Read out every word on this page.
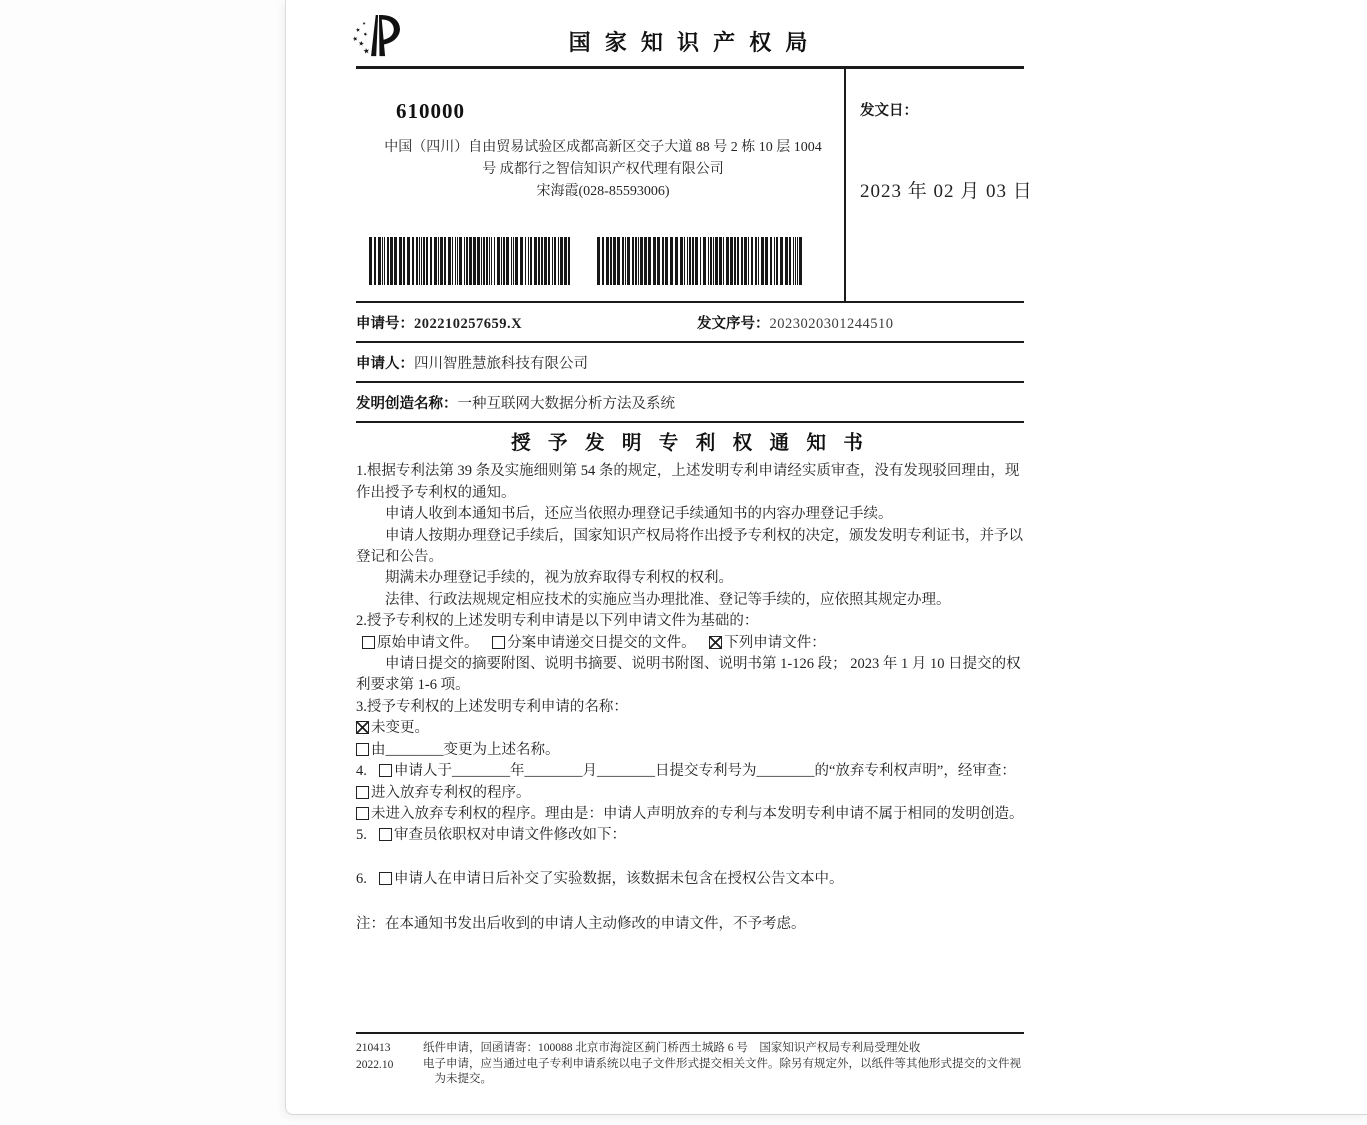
国 家 知 识 产 权 局
610000
中国（四川）自由贸易试验区成都高新区交子大道 88 号 2 栋 10 层 1004
号 成都行之智信知识产权代理有限公司
宋海霞(028-85593006)
发文日：
2023 年 02 月 03 日
申请号：202210257659.X	发文序号：2023020301244510
申请人： 四川智胜慧旅科技有限公司
发明创造名称： 一种互联网大数据分析方法及系统
授 予 发 明 专 利 权 通 知 书

1.根据专利法第 39 条及实施细则第 54 条的规定，上述发明专利申请经实质审查，没有发现驳回理由，现作出授予专利权的通知。

申请人收到本通知书后，还应当依照办理登记手续通知书的内容办理登记手续。

申请人按期办理登记手续后，国家知识产权局将作出授予专利权的决定，颁发发明专利证书，并予以登记和公告。

期满未办理登记手续的，视为放弃取得专利权的权利。

法律、行政法规规定相应技术的实施应当办理批准、登记等手续的，应依照其规定办理。

2.授予专利权的上述发明专利申请是以下列申请文件为基础的：

原始申请文件。 分案申请递交日提交的文件。 下列申请文件：

申请日提交的摘要附图、说明书摘要、说明书附图、说明书第 1-126 段； 2023 年 1 月 10 日提交的权利要求第 1-6 项。

3.授予专利权的上述发明专利申请的名称：

未变更。

由________变更为上述名称。

4. 申请人于________年________月________日提交专利号为________的“放弃专利权声明”，经审查：

进入放弃专利权的程序。

未进入放弃专利权的程序。理由是：申请人声明放弃的专利与本发明专利申请不属于相同的发明创造。

5. 审查员依职权对申请文件修改如下：

6. 申请人在申请日后补交了实验数据，该数据未包含在授权公告文本中。

注：在本通知书发出后收到的申请人主动修改的申请文件，不予考虑。

210413
2022.10

纸件申请，回函请寄：100088 北京市海淀区蓟门桥西土城路 6 号　国家知识产权局专利局受理处收

电子申请，应当通过电子专利申请系统以电子文件形式提交相关文件。除另有规定外，以纸件等其他形式提交的文件视为未提交。
